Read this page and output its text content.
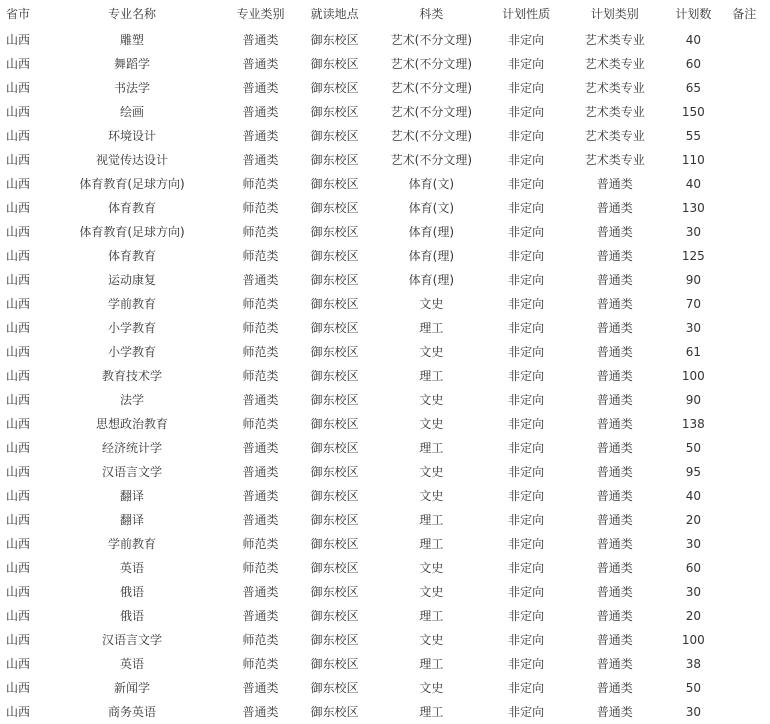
省市	专业名称	专业类别	就读地点	科类	计划性质	计划类别	计划数	备注
山西	雕塑	普通类	御东校区	艺术(不分文理)	非定向	艺术类专业	40	
山西	舞蹈学	普通类	御东校区	艺术(不分文理)	非定向	艺术类专业	60	
山西	书法学	普通类	御东校区	艺术(不分文理)	非定向	艺术类专业	65	
山西	绘画	普通类	御东校区	艺术(不分文理)	非定向	艺术类专业	150	
山西	环境设计	普通类	御东校区	艺术(不分文理)	非定向	艺术类专业	55	
山西	视觉传达设计	普通类	御东校区	艺术(不分文理)	非定向	艺术类专业	110	
山西	体育教育(足球方向)	师范类	御东校区	体育(文)	非定向	普通类	40	
山西	体育教育	师范类	御东校区	体育(文)	非定向	普通类	130	
山西	体育教育(足球方向)	师范类	御东校区	体育(理)	非定向	普通类	30	
山西	体育教育	师范类	御东校区	体育(理)	非定向	普通类	125	
山西	运动康复	普通类	御东校区	体育(理)	非定向	普通类	90	
山西	学前教育	师范类	御东校区	文史	非定向	普通类	70	
山西	小学教育	师范类	御东校区	理工	非定向	普通类	30	
山西	小学教育	师范类	御东校区	文史	非定向	普通类	61	
山西	教育技术学	师范类	御东校区	理工	非定向	普通类	100	
山西	法学	普通类	御东校区	文史	非定向	普通类	90	
山西	思想政治教育	师范类	御东校区	文史	非定向	普通类	138	
山西	经济统计学	普通类	御东校区	理工	非定向	普通类	50	
山西	汉语言文学	普通类	御东校区	文史	非定向	普通类	95	
山西	翻译	普通类	御东校区	文史	非定向	普通类	40	
山西	翻译	普通类	御东校区	理工	非定向	普通类	20	
山西	学前教育	师范类	御东校区	理工	非定向	普通类	30	
山西	英语	师范类	御东校区	文史	非定向	普通类	60	
山西	俄语	普通类	御东校区	文史	非定向	普通类	30	
山西	俄语	普通类	御东校区	理工	非定向	普通类	20	
山西	汉语言文学	师范类	御东校区	文史	非定向	普通类	100	
山西	英语	师范类	御东校区	理工	非定向	普通类	38	
山西	新闻学	普通类	御东校区	文史	非定向	普通类	50	
山西	商务英语	普通类	御东校区	理工	非定向	普通类	30	
